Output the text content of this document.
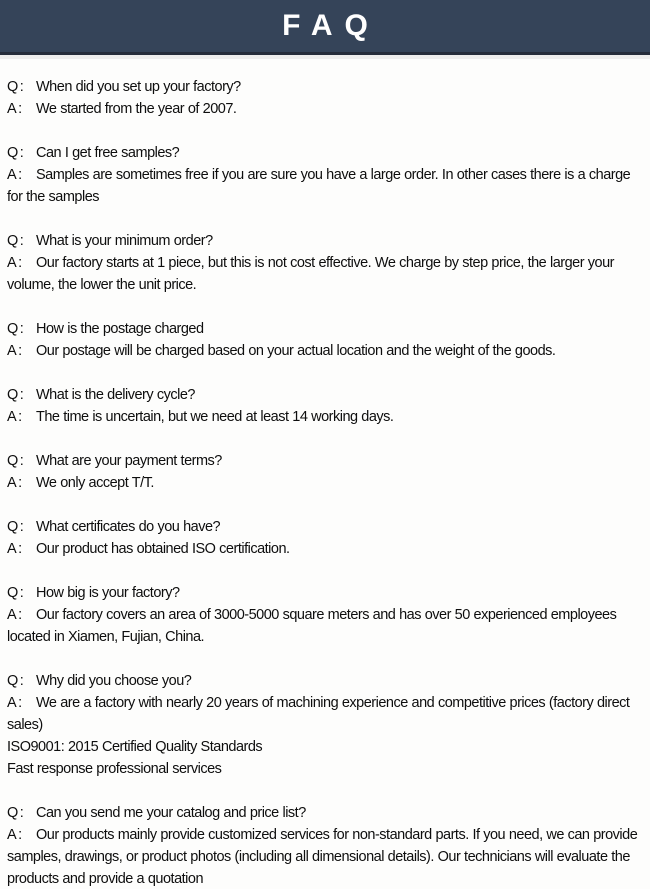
FAQ

Q: When did you set up your factory?

A: We started from the year of 2007.

Q: Can I get free samples?

A: Samples are sometimes free if you are sure you have a large order. In other cases there is a charge for the samples

Q: What is your minimum order?

A: Our factory starts at 1 piece, but this is not cost effective. We charge by step price, the larger your volume, the lower the unit price.

Q: How is the postage charged

A: Our postage will be charged based on your actual location and the weight of the goods.

Q: What is the delivery cycle?

A: The time is uncertain, but we need at least 14 working days.

Q: What are your payment terms?

A: We only accept T/T.

Q: What certificates do you have?

A: Our product has obtained ISO certification.

Q: How big is your factory?

A: Our factory covers an area of 3000-5000 square meters and has over 50 experienced employees located in Xiamen, Fujian, China.

Q: Why did you choose you?

A: We are a factory with nearly 20 years of machining experience and competitive prices (factory direct sales)

ISO9001: 2015 Certified Quality Standards

Fast response professional services

Q: Can you send me your catalog and price list?

A: Our products mainly provide customized services for non-standard parts. If you need, we can provide samples, drawings, or product photos (including all dimensional details). Our technicians will evaluate the products and provide a quotation
